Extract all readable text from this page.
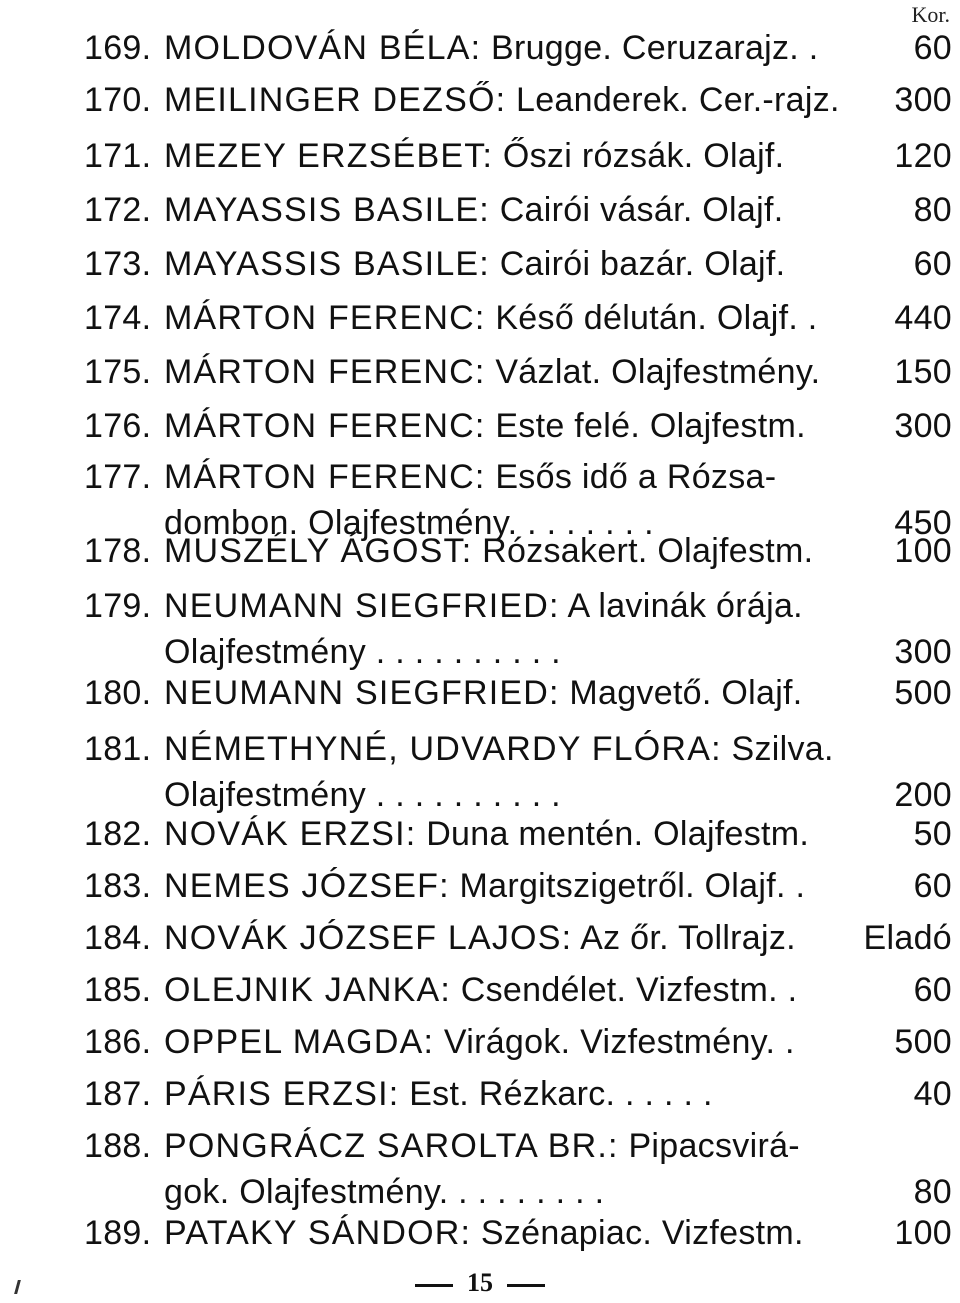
Kor.
169. MOLDOVÁN BÉLA: Brugge. Ceruzarajz. .	60
170. MEILINGER DEZSŐ: Leanderek. Cer.-rajz.	300
171. MEZEY ERZSÉBET: Őszi rózsák. Olajf.	120
172. MAYASSIS BASILE: Cairói vásár. Olajf.	80
173. MAYASSIS BASILE: Cairói bazár. Olajf.	60
174. MÁRTON FERENC: Késő délután. Olajf. .	440
175. MÁRTON FERENC: Vázlat. Olajfestmény.	150
176. MÁRTON FERENC: Este felé. Olajfestm.	300
177. MÁRTON FERENC: Esős idő a Rózsa-
dombon. Olajfestmény. . . . . . . .	450
178. MUSZÉLY ÁGOST: Rózsakert. Olajfestm.	100
179. NEUMANN SIEGFRIED: A lavinák órája.
Olajfestmény . . . . . . . . . .	300
180. NEUMANN SIEGFRIED: Magvető. Olajf.	500
181. NÉMETHYNÉ, UDVARDY FLÓRA: Szilva.
Olajfestmény . . . . . . . . . .	200
182. NOVÁK ERZSI: Duna mentén. Olajfestm.	50
183. NEMES JÓZSEF: Margitszigetről. Olajf. .	60
184. NOVÁK JÓZSEF LAJOS: Az őr. Tollrajz.	Eladó
185. OLEJNIK JANKA: Csendélet. Vizfestm. .	60
186. OPPEL MAGDA: Virágok. Vizfestmény. .	500
187. PÁRIS ERZSI: Est. Rézkarc. . . . . .	40
188. PONGRÁCZ SAROLTA BR.: Pipacsvirá-
gok. Olajfestmény. . . . . . . . .	80
189. PATAKY SÁNDOR: Szénapiac. Vizfestm.	100
15
